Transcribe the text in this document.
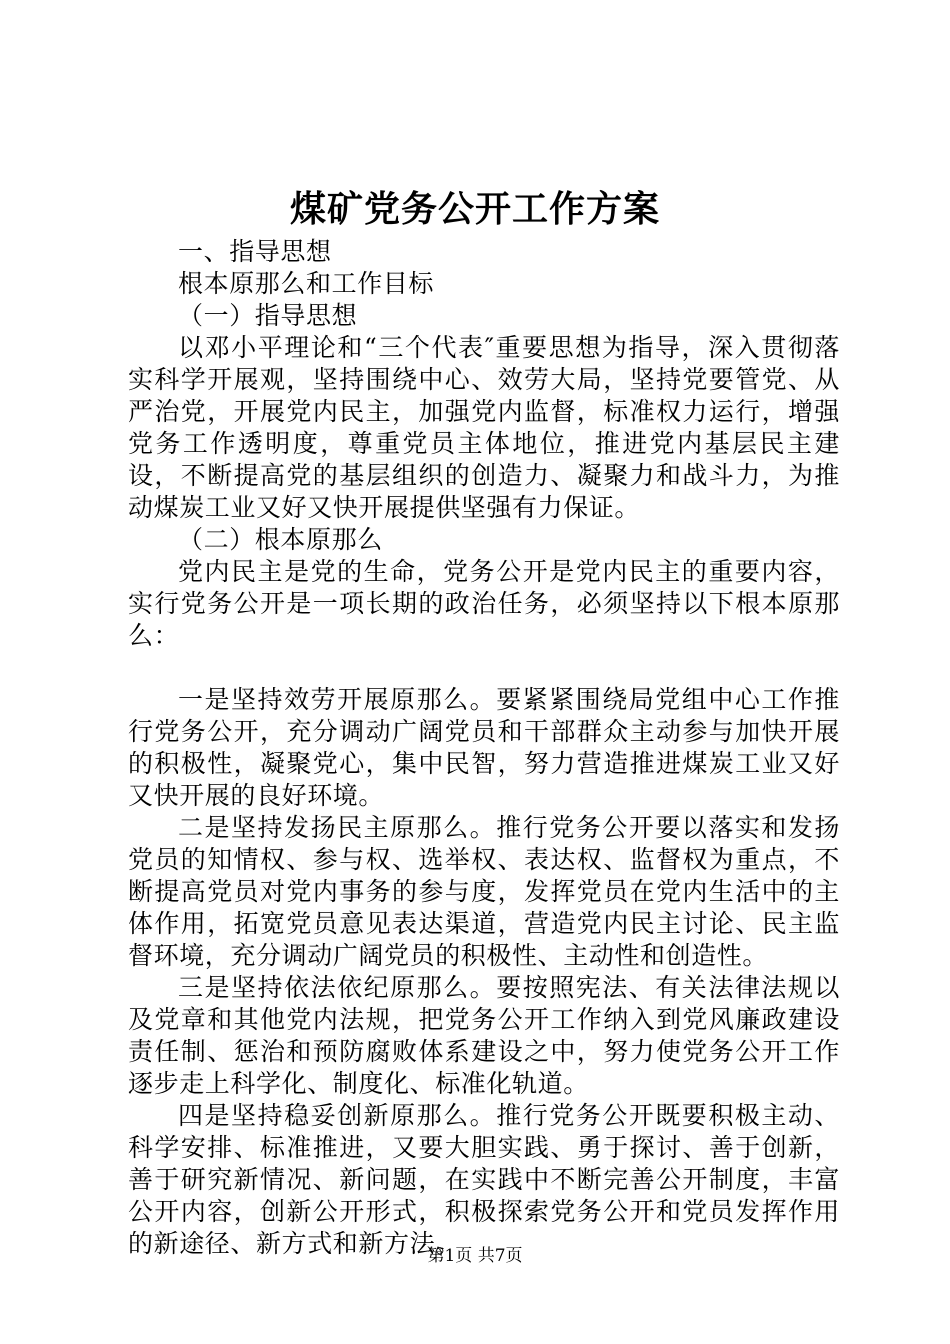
煤矿党务公开工作方案

一、指导思想

根本原那么和工作目标

（一）指导思想

以邓小平理论和“三个代表″重要思想为指导，深入贯彻落实科学开展观，坚持围绕中心、效劳大局，坚持党要管党、从严治党，开展党内民主，加强党内监督，标准权力运行，增强党务工作透明度，尊重党员主体地位，推进党内基层民主建设，不断提高党的基层组织的创造力、凝聚力和战斗力，为推动煤炭工业又好又快开展提供坚强有力保证。

（二）根本原那么

党内民主是党的生命，党务公开是党内民主的重要内容，实行党务公开是一项长期的政治任务，必须坚持以下根本原那么：

一是坚持效劳开展原那么。要紧紧围绕局党组中心工作推行党务公开，充分调动广阔党员和干部群众主动参与加快开展的积极性，凝聚党心，集中民智，努力营造推进煤炭工业又好又快开展的良好环境。

二是坚持发扬民主原那么。推行党务公开要以落实和发扬党员的知情权、参与权、选举权、表达权、监督权为重点，不断提高党员对党内事务的参与度，发挥党员在党内生活中的主体作用，拓宽党员意见表达渠道，营造党内民主讨论、民主监督环境，充分调动广阔党员的积极性、主动性和创造性。

三是坚持依法依纪原那么。要按照宪法、有关法律法规以及党章和其他党内法规，把党务公开工作纳入到党风廉政建设责任制、惩治和预防腐败体系建设之中，努力使党务公开工作逐步走上科学化、制度化、标准化轨道。

四是坚持稳妥创新原那么。推行党务公开既要积极主动、科学安排、标准推进，又要大胆实践、勇于探讨、善于创新，善于研究新情况、新问题，在实践中不断完善公开制度，丰富公开内容，创新公开形式，积极探索党务公开和党员发挥作用的新途径、新方式和新方法。

第1页 共7页
